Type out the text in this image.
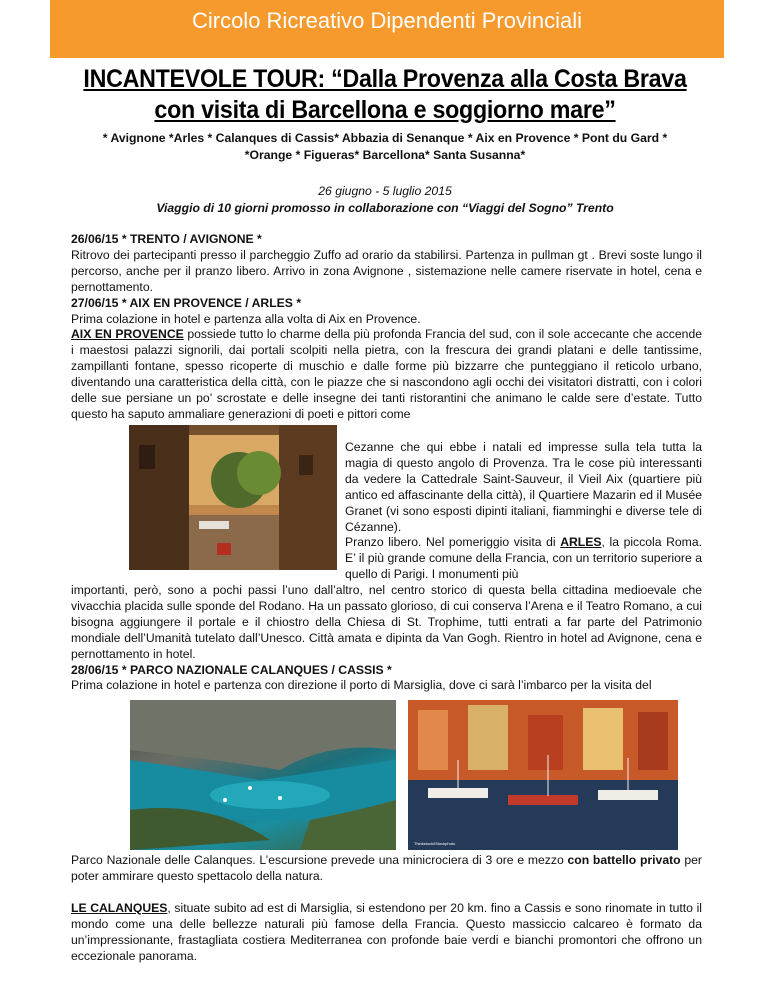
Circolo Ricreativo Dipendenti Provinciali
INCANTEVOLE TOUR: “Dalla Provenza alla Costa Brava
con visita di Barcellona e soggiorno mare”
* Avignone *Arles * Calanques di Cassis* Abbazia di Senanque * Aix en Provence * Pont du Gard *
*Orange * Figueras* Barcellona* Santa Susanna*
26 giugno - 5 luglio 2015
Viaggio di 10 giorni promosso in collaborazione con “Viaggi del Sogno” Trento
26/06/15 * TRENTO / AVIGNONE *
Ritrovo dei partecipanti presso il parcheggio Zuffo ad orario da stabilirsi. Partenza in pullman gt . Brevi soste lungo il percorso, anche per il pranzo libero. Arrivo in zona Avignone , sistemazione nelle camere riservate in hotel, cena e pernottamento.
27/06/15 * AIX EN PROVENCE / ARLES *
Prima colazione in hotel e partenza alla volta di Aix en Provence.
AIX EN PROVENCE possiede tutto lo charme della più profonda Francia del sud, con il sole accecante che accende i maestosi palazzi signorili, dai portali scolpiti nella pietra, con la frescura dei grandi platani e delle tantissime, zampillanti fontane, spesso ricoperte di muschio e dalle forme più bizzarre che punteggiano il reticolo urbano, diventando una caratteristica della città, con le piazze che si nascondono agli occhi dei visitatori distratti, con i colori delle sue persiane un po’ scrostate e delle insegne dei tanti ristorantini che animano le calde sere d’estate. Tutto questo ha saputo ammaliare generazioni di poeti e pittori come
Cezanne che qui ebbe i natali ed impresse sulla tela tutta la magia di questo angolo di Provenza. Tra le cose più interessanti da vedere la Cattedrale Saint-Sauveur, il Vieil Aix (quartiere più antico ed affascinante della città), il Quartiere Mazarin ed il Musée Granet (vi sono esposti dipinti italiani, fiamminghi e diverse tele di Cézanne).
Pranzo libero. Nel pomeriggio visita di ARLES, la piccola Roma. E’ il più grande comune della Francia, con un territorio superiore a quello di Parigi. I monumenti più
importanti, però, sono a pochi passi l’uno dall’altro, nel centro storico di questa bella cittadina medioevale che vivacchia placida sulle sponde del Rodano. Ha un passato glorioso, di cui conserva l’Arena e il Teatro Romano, a cui bisogna aggiungere il portale e il chiostro della Chiesa di St. Trophime, tutti entrati a far parte del Patrimonio mondiale dell’Umanità tutelato dall’Unesco. Città amata e dipinta da Van Gogh. Rientro in hotel ad Avignone, cena e pernottamento in hotel.
28/06/15 * PARCO NAZIONALE CALANQUES / CASSIS *
Prima colazione in hotel e partenza con direzione il porto di Marsiglia, dove ci sarà l’imbarco per la visita del
Thinkstock/iStockphoto
Parco Nazionale delle Calanques. L’escursione prevede una minicrociera di 3 ore e mezzo con battello privato per poter ammirare questo spettacolo della natura.
LE CALANQUES, situate subito ad est di Marsiglia, si estendono per 20 km. fino a Cassis e sono rinomate in tutto il mondo come una delle bellezze naturali più famose della Francia. Questo massiccio calcareo è formato da un’impressionante, frastagliata costiera Mediterranea con profonde baie verdi e bianchi promontori che offrono un eccezionale panorama.
